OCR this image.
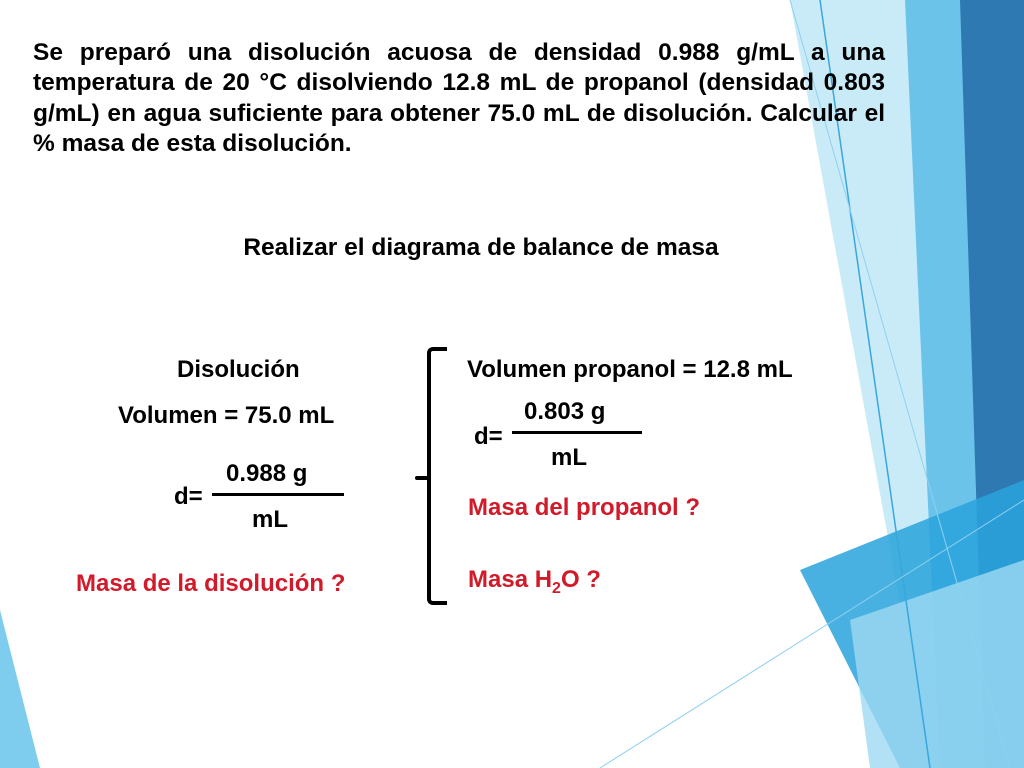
Se preparó una disolución acuosa de densidad 0.988 g/mL a una temperatura de 20 °C disolviendo 12.8 mL de propanol (densidad 0.803 g/mL) en agua suficiente para obtener 75.0 mL de disolución. Calcular el % masa de esta disolución.

Realizar el diagrama de balance de masa
Disolución
Volumen = 75.0 mL
0.988 g
d=
mL
Masa de la disolución ?
Volumen propanol = 12.8 mL
0.803 g
d=
mL
Masa del propanol ?
Masa $H_2O$ ?
